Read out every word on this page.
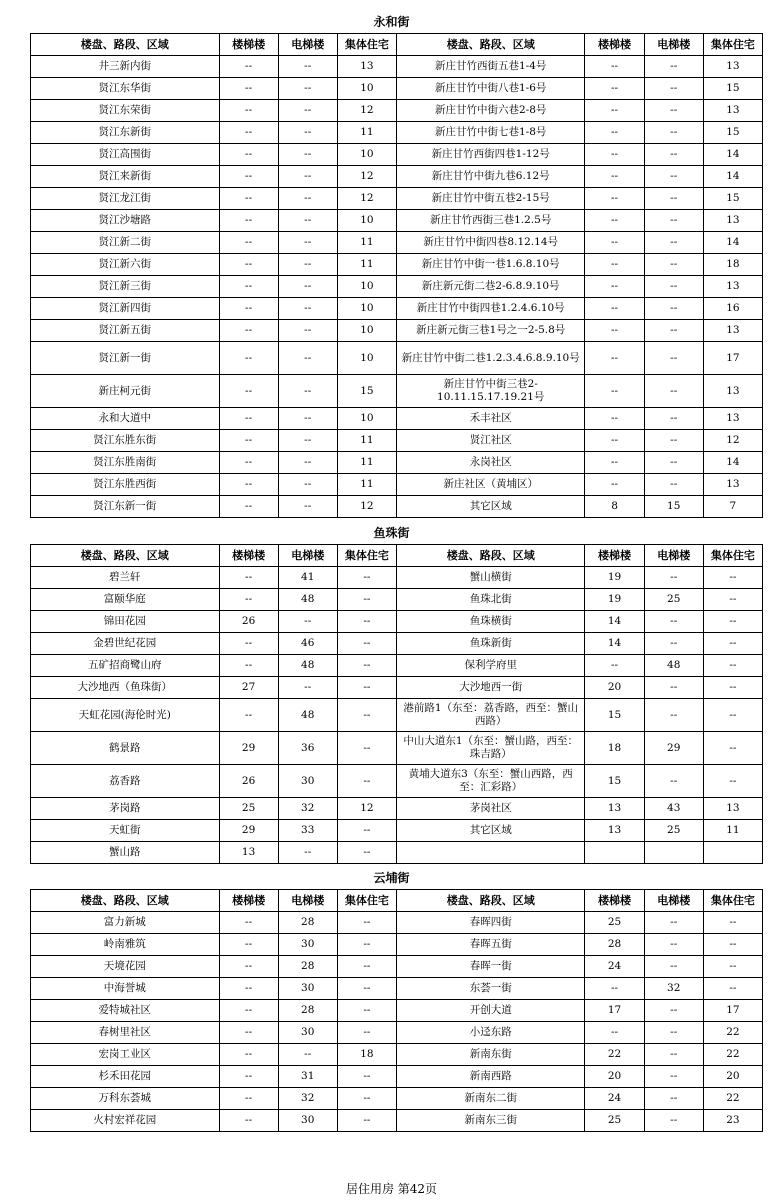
永和街
楼盘、路段、区域	楼梯楼	电梯楼	集体住宅	楼盘、路段、区域	楼梯楼	电梯楼	集体住宅
井三新内街	--	--	13	新庄甘竹西街五巷1-4号	--	--	13
贤江东华街	--	--	10	新庄甘竹中街八巷1-6号	--	--	15
贤江东荣街	--	--	12	新庄甘竹中街六巷2-8号	--	--	13
贤江东新街	--	--	11	新庄甘竹中街七巷1-8号	--	--	15
贤江高围街	--	--	10	新庄甘竹西街四巷1-12号	--	--	14
贤江来新街	--	--	12	新庄甘竹中街九巷6.12号	--	--	14
贤江龙江街	--	--	12	新庄甘竹中街五巷2-15号	--	--	15
贤江沙塘路	--	--	10	新庄甘竹西街三巷1.2.5号	--	--	13
贤江新二街	--	--	11	新庄甘竹中街四巷8.12.14号	--	--	14
贤江新六街	--	--	11	新庄甘竹中街一巷1.6.8.10号	--	--	18
贤江新三街	--	--	10	新庄新元街二巷2-6.8.9.10号	--	--	13
贤江新四街	--	--	10	新庄甘竹中街四巷1.2.4.6.10号	--	--	16
贤江新五街	--	--	10	新庄新元街三巷1号之一2-5.8号	--	--	13
贤江新一街	--	--	10	新庄甘竹中街二巷1.2.3.4.6.8.9.10号	--	--	17
新庄柯元街	--	--	15	新庄甘竹中街三巷2-10.11.15.17.19.21号	--	--	13
永和大道中	--	--	10	禾丰社区	--	--	13
贤江东胜东街	--	--	11	贤江社区	--	--	12
贤江东胜南街	--	--	11	永岗社区	--	--	14
贤江东胜西街	--	--	11	新庄社区（黄埔区）	--	--	13
贤江东新一街	--	--	12	其它区域	8	15	7
鱼珠街
楼盘、路段、区域	楼梯楼	电梯楼	集体住宅	楼盘、路段、区域	楼梯楼	电梯楼	集体住宅
碧兰轩	--	41	--	蟹山横街	19	--	--
富颐华庭	--	48	--	鱼珠北街	19	25	--
锦田花园	26	--	--	鱼珠横街	14	--	--
金碧世纪花园	--	46	--	鱼珠新街	14	--	--
五矿招商鹭山府	--	48	--	保利学府里	--	48	--
大沙地西（鱼珠街）	27	--	--	大沙地西一街	20	--	--
天虹花园(海伦时光)	--	48	--	港前路1（东至：荔香路，西至：蟹山西路）	15	--	--
鹤景路	29	36	--	中山大道东1（东至：蟹山路，西至：珠吉路）	18	29	--
荔香路	26	30	--	黄埔大道东3（东至：蟹山西路，西至：汇彩路）	15	--	--
茅岗路	25	32	12	茅岗社区	13	43	13
天虹街	29	33	--	其它区域	13	25	11
蟹山路	13	--	--				
云埔街
楼盘、路段、区域	楼梯楼	电梯楼	集体住宅	楼盘、路段、区域	楼梯楼	电梯楼	集体住宅
富力新城	--	28	--	春晖四街	25	--	--
岭南雅筑	--	30	--	春晖五街	28	--	--
天境花园	--	28	--	春晖一街	24	--	--
中海誉城	--	30	--	东荟一街	--	32	--
爱特城社区	--	28	--	开创大道	17	--	17
春树里社区	--	30	--	小迳东路	--	--	22
宏岗工业区	--	--	18	新南东街	22	--	22
杉禾田花园	--	31	--	新南西路	20	--	20
万科东荟城	--	32	--	新南东二街	24	--	22
火村宏祥花园	--	30	--	新南东三街	25	--	23
居住用房 第42页
